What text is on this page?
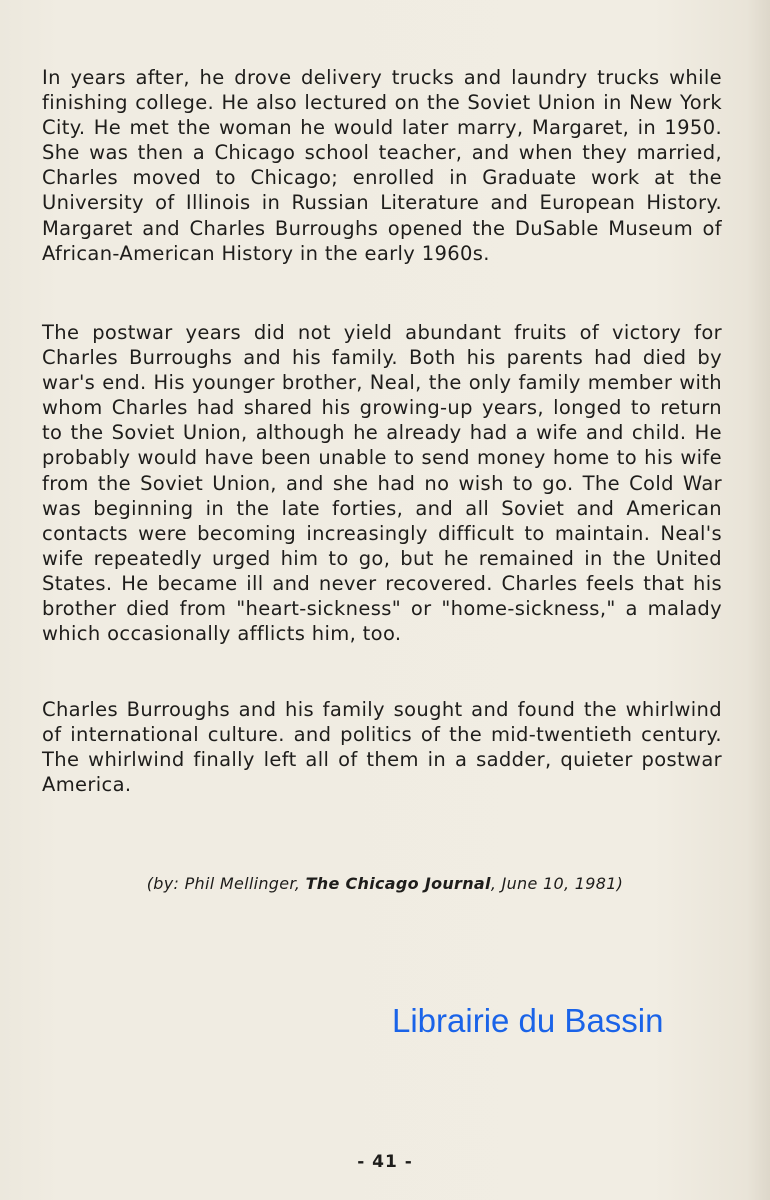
In years after, he drove delivery trucks and laundry trucks while finishing college. He also lectured on the Soviet Union in New York City. He met the woman he would later marry, Margaret, in 1950. She was then a Chicago school teacher, and when they married, Charles moved to Chicago; enrolled in Graduate work at the University of Illinois in Russian Literature and European History. Margaret and Charles Burroughs opened the DuSable Museum of African-American History in the early 1960s.

The postwar years did not yield abundant fruits of victory for Charles Burroughs and his family. Both his parents had died by war's end. His younger brother, Neal, the only family member with whom Charles had shared his growing-up years, longed to return to the Soviet Union, although he already had a wife and child. He probably would have been unable to send money home to his wife from the Soviet Union, and she had no wish to go. The Cold War was beginning in the late forties, and all Soviet and American contacts were becoming increasingly difficult to maintain. Neal's wife repeatedly urged him to go, but he remained in the United States. He became ill and never recovered. Charles feels that his brother died from "heart-sickness" or "home-sickness," a malady which occasionally afflicts him, too.

Charles Burroughs and his family sought and found the whirlwind of international culture. and politics of the mid-twentieth century. The whirlwind finally left all of them in a sadder, quieter postwar America.

(by: Phil Mellinger, The Chicago Journal, June 10, 1981)
Librairie du Bassin
- 41 -
